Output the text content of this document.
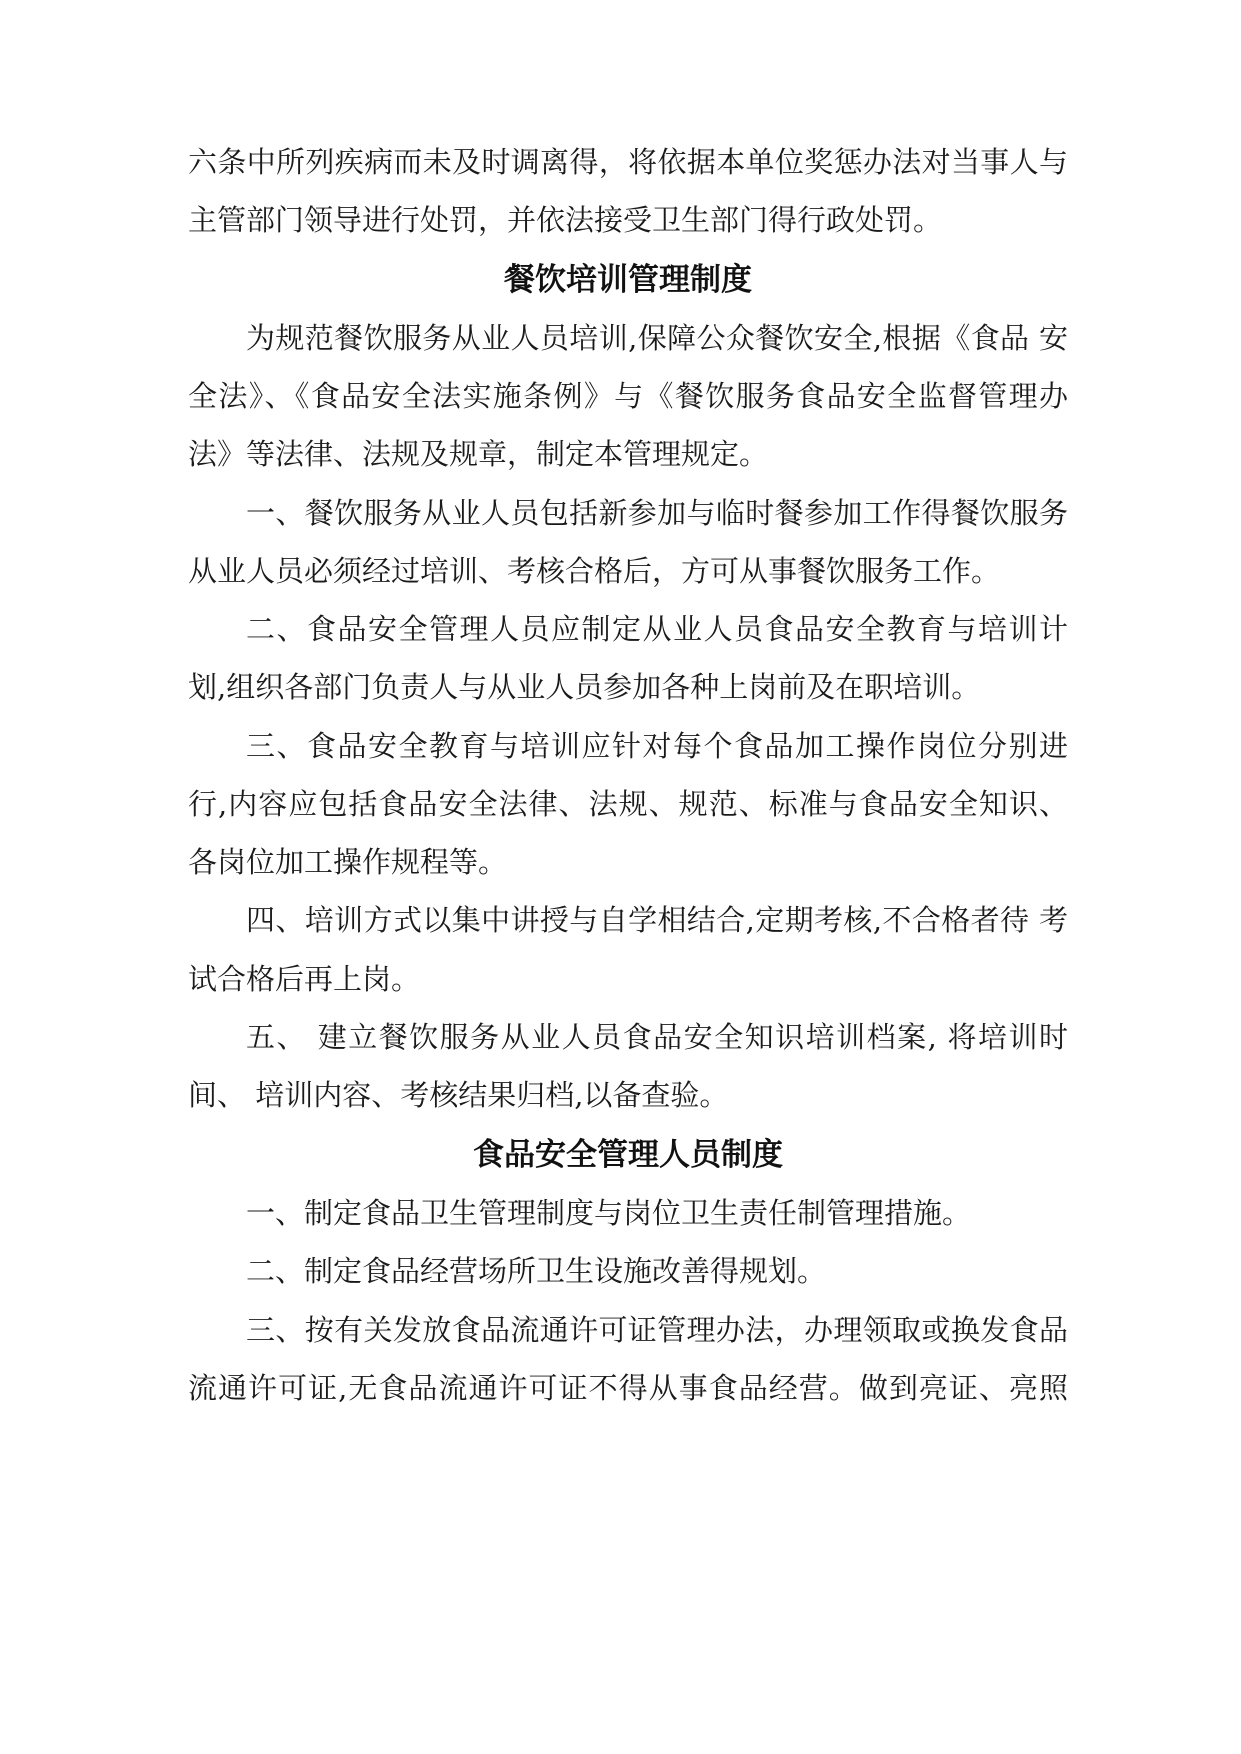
六条中所列疾病而未及时调离得，将依据本单位奖惩办法对当事人与

主管部门领导进行处罚，并依法接受卫生部门得行政处罚。

餐饮培训管理制度

为规范餐饮服务从业人员培训,保障公众餐饮安全,根据《食品 安

全法》、《食品安全法实施条例》与《餐饮服务食品安全监督管理办

法》等法律、法规及规章，制定本管理规定。

一、餐饮服务从业人员包括新参加与临时餐参加工作得餐饮服务

从业人员必须经过培训、考核合格后，方可从事餐饮服务工作。

二、食品安全管理人员应制定从业人员食品安全教育与培训计

划,组织各部门负责人与从业人员参加各种上岗前及在职培训。

三、食品安全教育与培训应针对每个食品加工操作岗位分别进

行,内容应包括食品安全法律、法规、规范、标准与食品安全知识、

各岗位加工操作规程等。

四、培训方式以集中讲授与自学相结合,定期考核,不合格者待 考

试合格后再上岗。

五、 建立餐饮服务从业人员食品安全知识培训档案, 将培训时

间、 培训内容、考核结果归档,以备查验。

食品安全管理人员制度

一、制定食品卫生管理制度与岗位卫生责任制管理措施。

二、制定食品经营场所卫生设施改善得规划。

三、按有关发放食品流通许可证管理办法，办理领取或换发食品

流通许可证,无食品流通许可证不得从事食品经营。做到亮证、亮照
